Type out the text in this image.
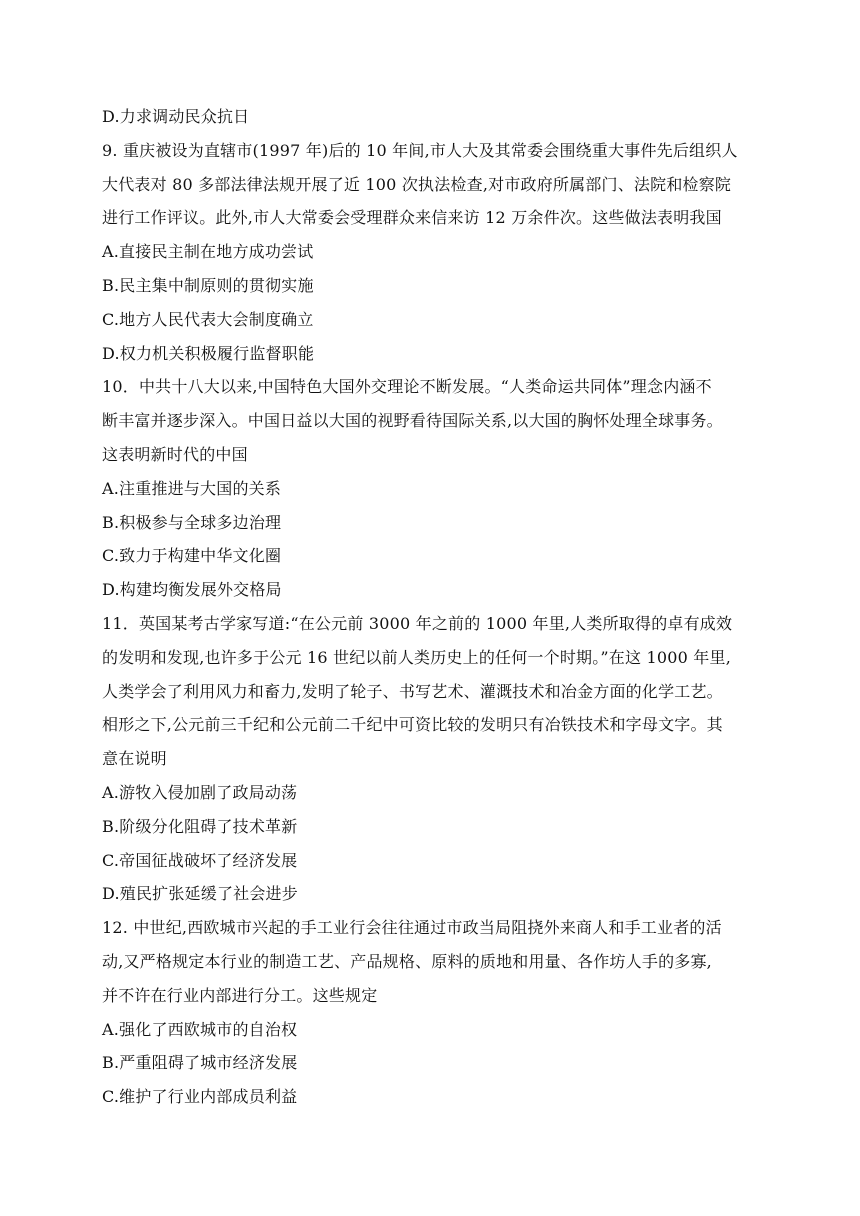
D.力求调动民众抗日
9. 重庆被设为直辖市(1997 年)后的 10 年间,市人大及其常委会围绕重大事件先后组织人
大代表对 80 多部法律法规开展了近 100 次执法检查,对市政府所属部门、法院和检察院
进行工作评议。此外,市人大常委会受理群众来信来访 12 万余件次。这些做法表明我国
A.直接民主制在地方成功尝试
B.民主集中制原则的贯彻实施
C.地方人民代表大会制度确立
D.权力机关积极履行监督职能
10．中共十八大以来,中国特色大国外交理论不断发展。“人类命运共同体”理念内涵不
断丰富并逐步深入。中国日益以大国的视野看待国际关系,以大国的胸怀处理全球事务。
这表明新时代的中国
A.注重推进与大国的关系
B.积极参与全球多边治理
C.致力于构建中华文化圈
D.构建均衡发展外交格局
11．英国某考古学家写道:“在公元前 3000 年之前的 1000 年里,人类所取得的卓有成效
的发明和发现,也许多于公元 16 世纪以前人类历史上的任何一个时期。”在这 1000 年里,
人类学会了利用风力和畜力,发明了轮子、书写艺术、灌溉技术和冶金方面的化学工艺。
相形之下,公元前三千纪和公元前二千纪中可资比较的发明只有冶铁技术和字母文字。其
意在说明
A.游牧入侵加剧了政局动荡
B.阶级分化阻碍了技术革新
C.帝国征战破坏了经济发展
D.殖民扩张延缓了社会进步
12. 中世纪,西欧城市兴起的手工业行会往往通过市政当局阻挠外来商人和手工业者的活
动,又严格规定本行业的制造工艺、产品规格、原料的质地和用量、各作坊人手的多寡,
并不许在行业内部进行分工。这些规定
A.强化了西欧城市的自治权
B.严重阻碍了城市经济发展
C.维护了行业内部成员利益
